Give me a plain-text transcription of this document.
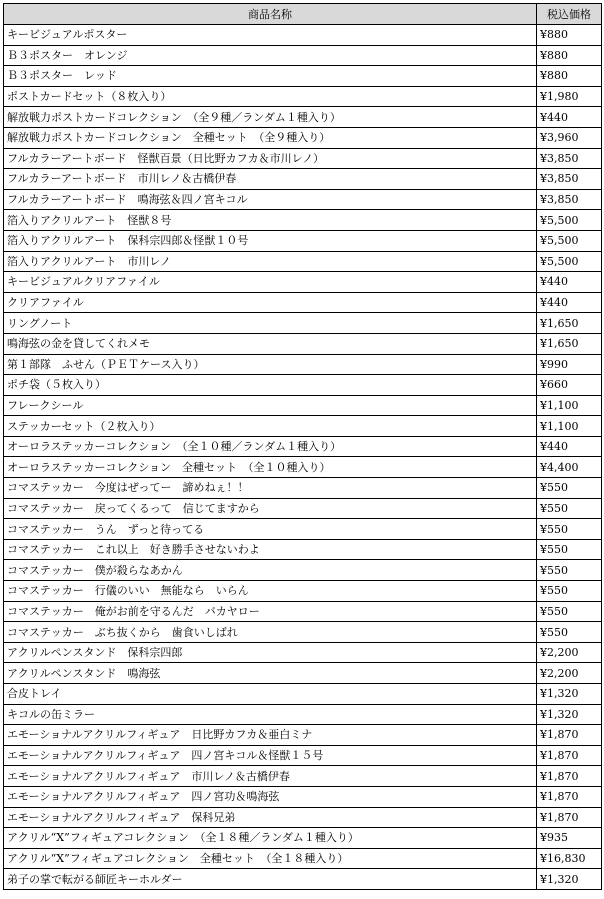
商品名称	税込価格
キービジュアルポスター	¥880
Ｂ３ポスター　オレンジ	¥880
Ｂ３ポスター　レッド	¥880
ポストカードセット（８枚入り）	¥1,980
解放戦力ポストカードコレクション　（全９種／ランダム１種入り）	¥440
解放戦力ポストカードコレクション　全種セット　（全９種入り）	¥3,960
フルカラーアートボード　怪獣百景（日比野カフカ＆市川レノ）	¥3,850
フルカラーアートボード　市川レノ＆古橋伊春	¥3,850
フルカラーアートボード　鳴海弦＆四ノ宮キコル	¥3,850
箔入りアクリルアート　怪獣８号	¥5,500
箔入りアクリルアート　保科宗四郎＆怪獣１０号	¥5,500
箔入りアクリルアート　市川レノ	¥5,500
キービジュアルクリアファイル	¥440
クリアファイル	¥440
リングノート	¥1,650
鳴海弦の金を貸してくれメモ	¥1,650
第１部隊　ふせん（ＰＥＴケース入り）	¥990
ポチ袋（５枚入り）	¥660
フレークシール	¥1,100
ステッカーセット（２枚入り）	¥1,100
オーロラステッカーコレクション　（全１０種／ランダム１種入り）	¥440
オーロラステッカーコレクション　全種セット　（全１０種入り）	¥4,400
コマステッカー　今度はぜってー　諦めねぇ！！	¥550
コマステッカー　戻ってくるって　信じてますから	¥550
コマステッカー　うん　ずっと待ってる	¥550
コマステッカー　これ以上　好き勝手させないわよ	¥550
コマステッカー　僕が殺らなあかん	¥550
コマステッカー　行儀のいい　無能なら　いらん	¥550
コマステッカー　俺がお前を守るんだ　バカヤロー	¥550
コマステッカー　ぶち抜くから　歯食いしばれ	¥550
アクリルペンスタンド　保科宗四郎	¥2,200
アクリルペンスタンド　鳴海弦	¥2,200
合皮トレイ	¥1,320
キコルの缶ミラー	¥1,320
エモーショナルアクリルフィギュア　日比野カフカ＆亜白ミナ	¥1,870
エモーショナルアクリルフィギュア　四ノ宮キコル＆怪獣１５号	¥1,870
エモーショナルアクリルフィギュア　市川レノ＆古橋伊春	¥1,870
エモーショナルアクリルフィギュア　四ノ宮功＆鳴海弦	¥1,870
エモーショナルアクリルフィギュア　保科兄弟	¥1,870
アクリル“X”フィギュアコレクション　（全１８種／ランダム１種入り）	¥935
アクリル“X”フィギュアコレクション　全種セット　（全１８種入り）	¥16,830
弟子の掌で転がる師匠キーホルダー	¥1,320
